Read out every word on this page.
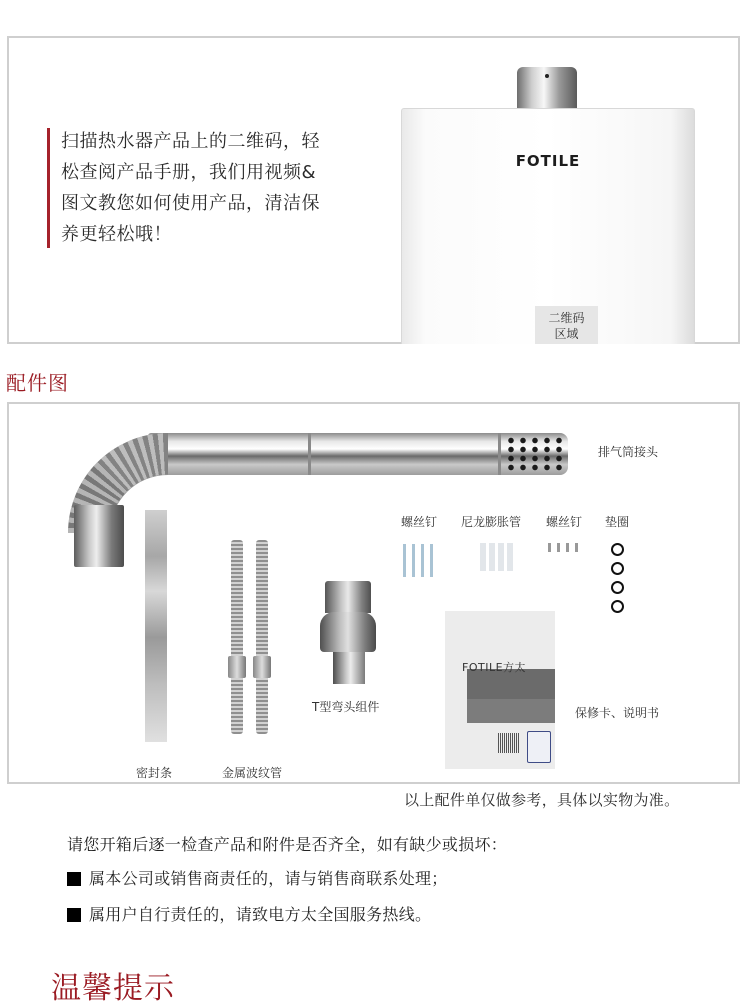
扫描热水器产品上的二维码，轻
松查阅产品手册，我们用视频&
图文教您如何使用产品，清洁保
养更轻松哦！
FOTILE
二维码
区域
配件图
排气筒接头
螺丝钉 尼龙膨胀管 螺丝钉 垫圈
T型弯头组件
FOTILE方太
保修卡、说明书
密封条	金属波纹管
以上配件单仅做参考，具体以实物为准。
请您开箱后逐一检查产品和附件是否齐全，如有缺少或损坏：
属本公司或销售商责任的，请与销售商联系处理；
属用户自行责任的，请致电方太全国服务热线。
温馨提示
